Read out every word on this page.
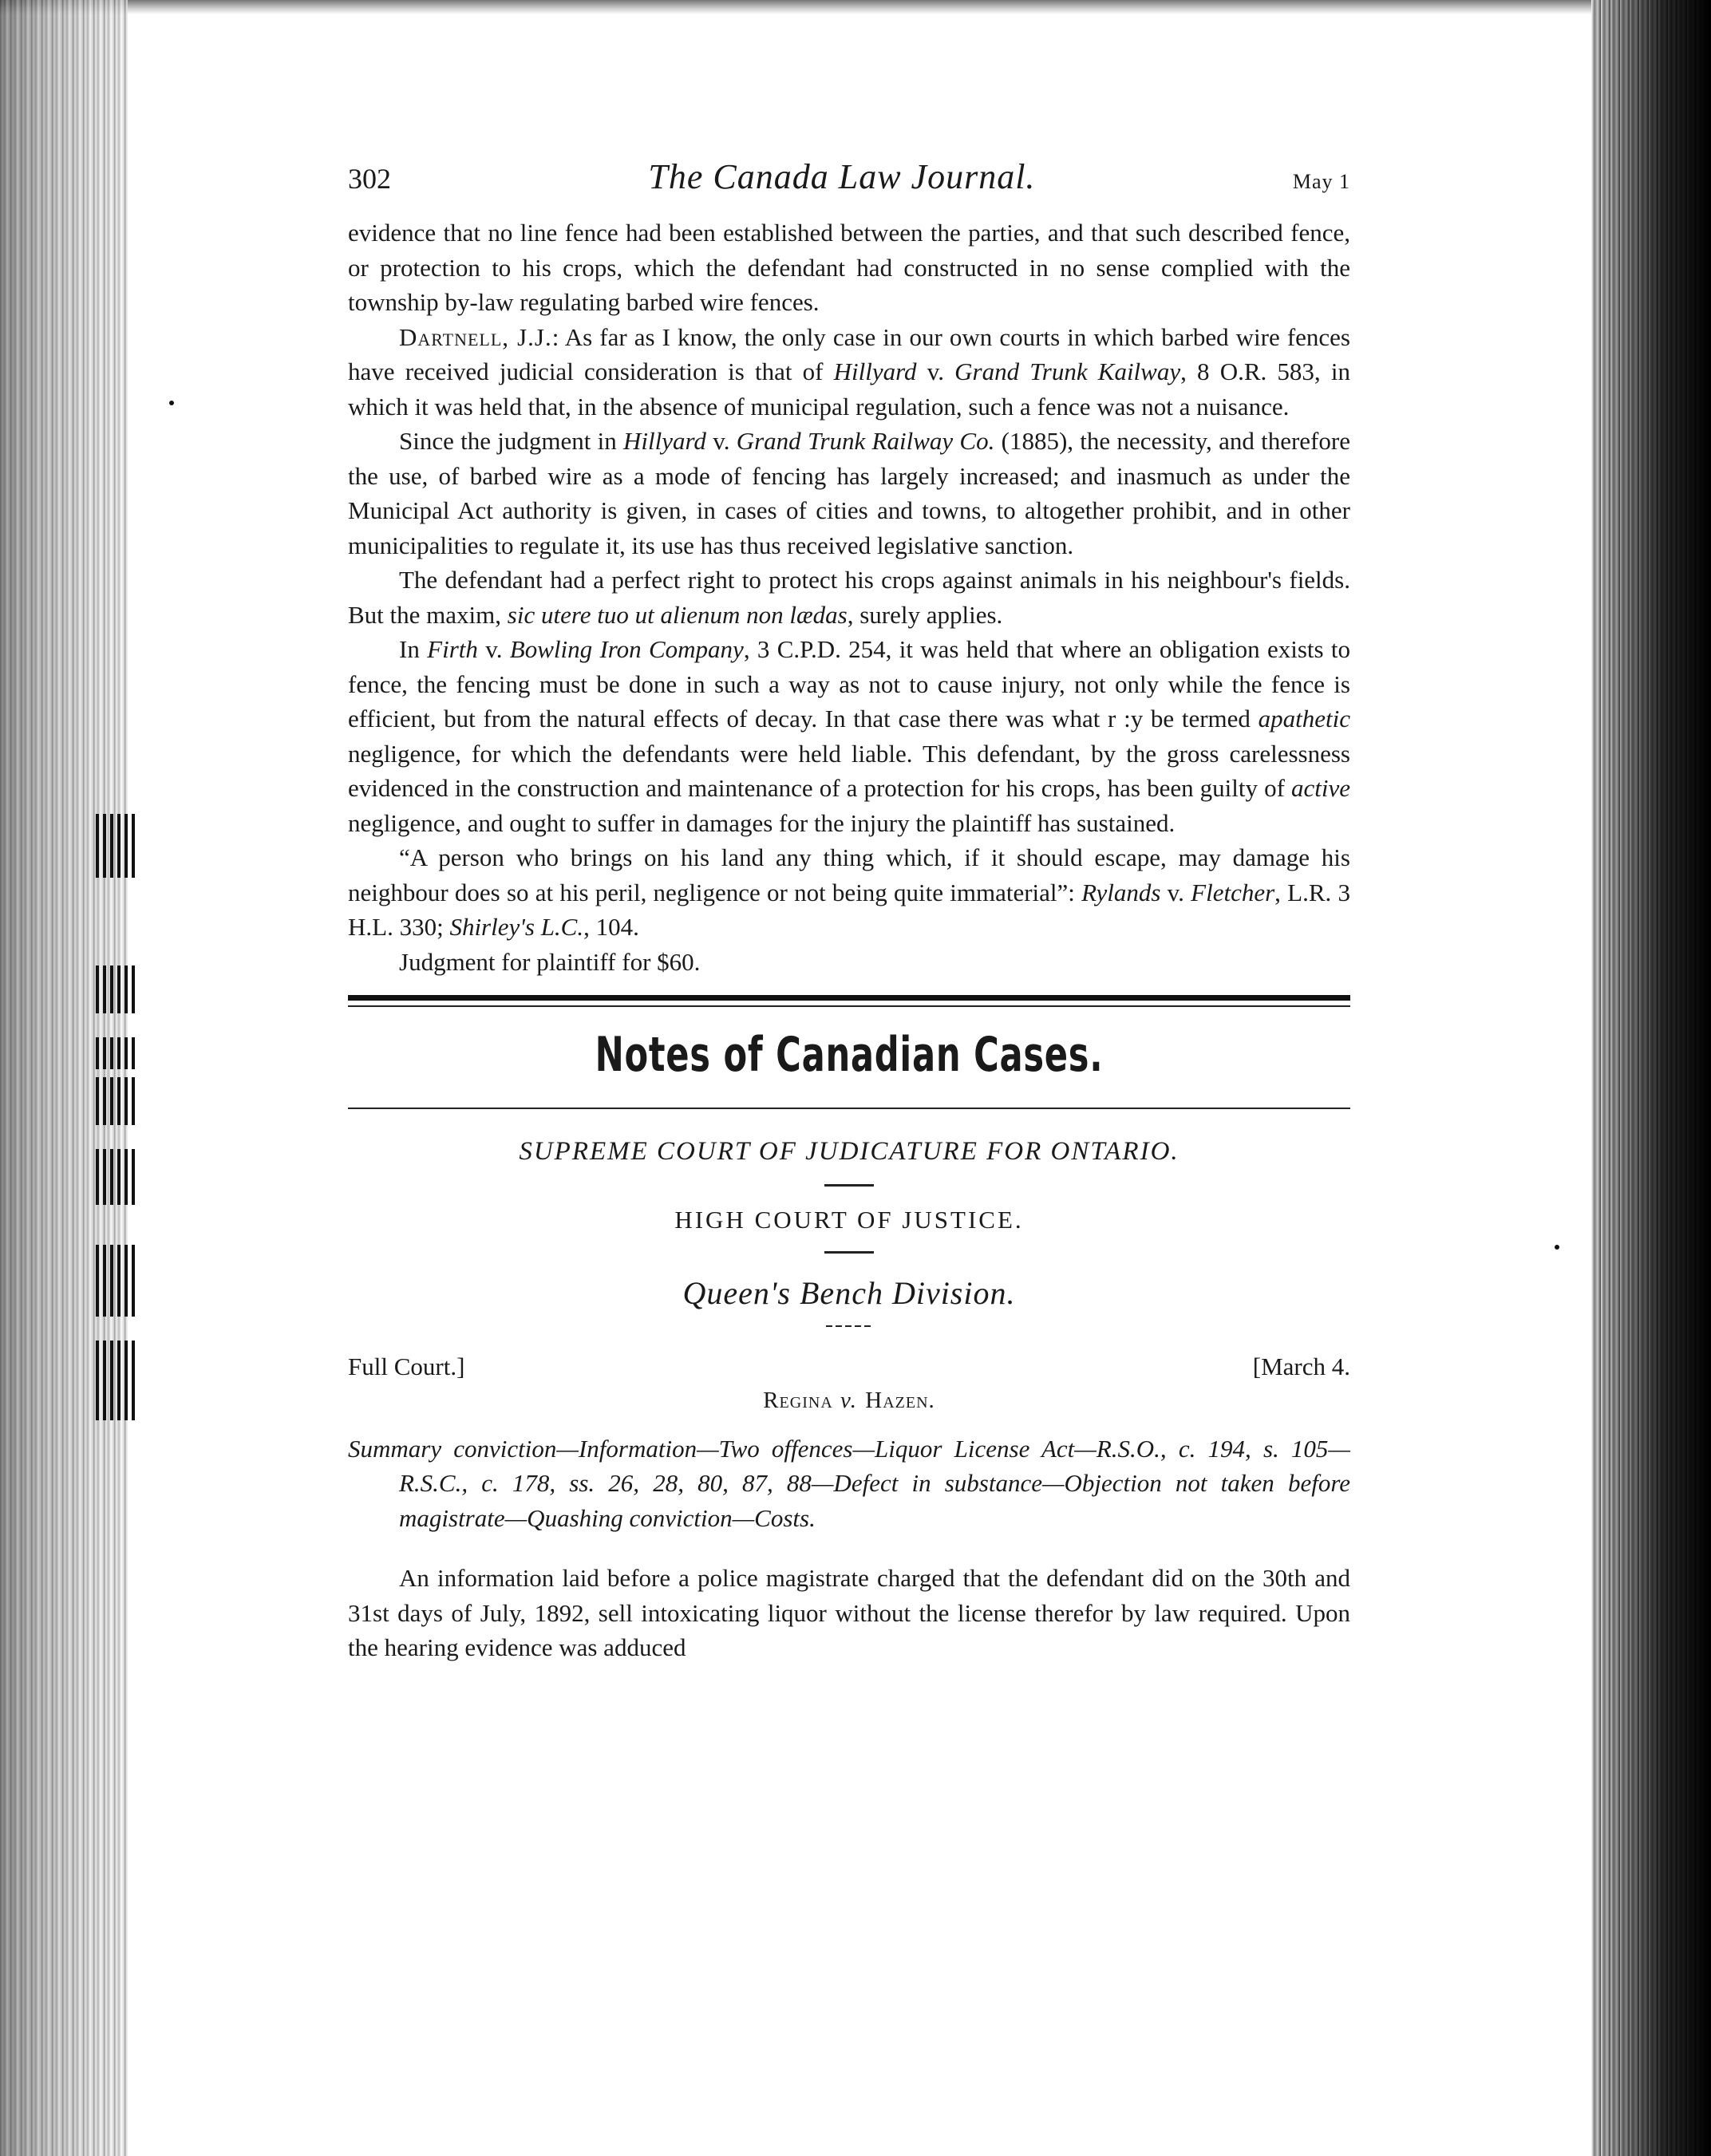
302	The Canada Law Journal.	May 1

evidence that no line fence had been established between the parties, and that such described fence, or protection to his crops, which the defendant had constructed in no sense complied with the township by-law regulating barbed wire fences.

Dartnell, J.J.: As far as I know, the only case in our own courts in which barbed wire fences have received judicial consideration is that of Hillyard v. Grand Trunk Kailway, 8 O.R. 583, in which it was held that, in the absence of municipal regulation, such a fence was not a nuisance.

Since the judgment in Hillyard v. Grand Trunk Railway Co. (1885), the necessity, and therefore the use, of barbed wire as a mode of fencing has largely increased; and inasmuch as under the Municipal Act authority is given, in cases of cities and towns, to altogether prohibit, and in other municipalities to regulate it, its use has thus received legislative sanction.

The defendant had a perfect right to protect his crops against animals in his neighbour's fields. But the maxim, sic utere tuo ut alienum non lædas, surely applies.

In Firth v. Bowling Iron Company, 3 C.P.D. 254, it was held that where an obligation exists to fence, the fencing must be done in such a way as not to cause injury, not only while the fence is efficient, but from the natural effects of decay. In that case there was what r :y be termed apathetic negligence, for which the defendants were held liable. This defendant, by the gross carelessness evidenced in the construction and maintenance of a protection for his crops, has been guilty of active negligence, and ought to suffer in damages for the injury the plaintiff has sustained.

“A person who brings on his land any thing which, if it should escape, may damage his neighbour does so at his peril, negligence or not being quite immaterial”: Rylands v. Fletcher, L.R. 3 H.L. 330; Shirley's L.C., 104.

Judgment for plaintiff for $60.

Notes of Canadian Cases.
SUPREME COURT OF JUDICATURE FOR ONTARIO.
HIGH COURT OF JUSTICE.
Queen's Bench Division.
Full Court.]	[March 4.
Regina v. Hazen.

Summary conviction—Information—Two offences—Liquor License Act—R.S.O., c. 194, s. 105—R.S.C., c. 178, ss. 26, 28, 80, 87, 88—Defect in substance—Objection not taken before magistrate—Quashing conviction—Costs.

An information laid before a police magistrate charged that the defendant did on the 30th and 31st days of July, 1892, sell intoxicating liquor without the license therefor by law required. Upon the hearing evidence was adduced
